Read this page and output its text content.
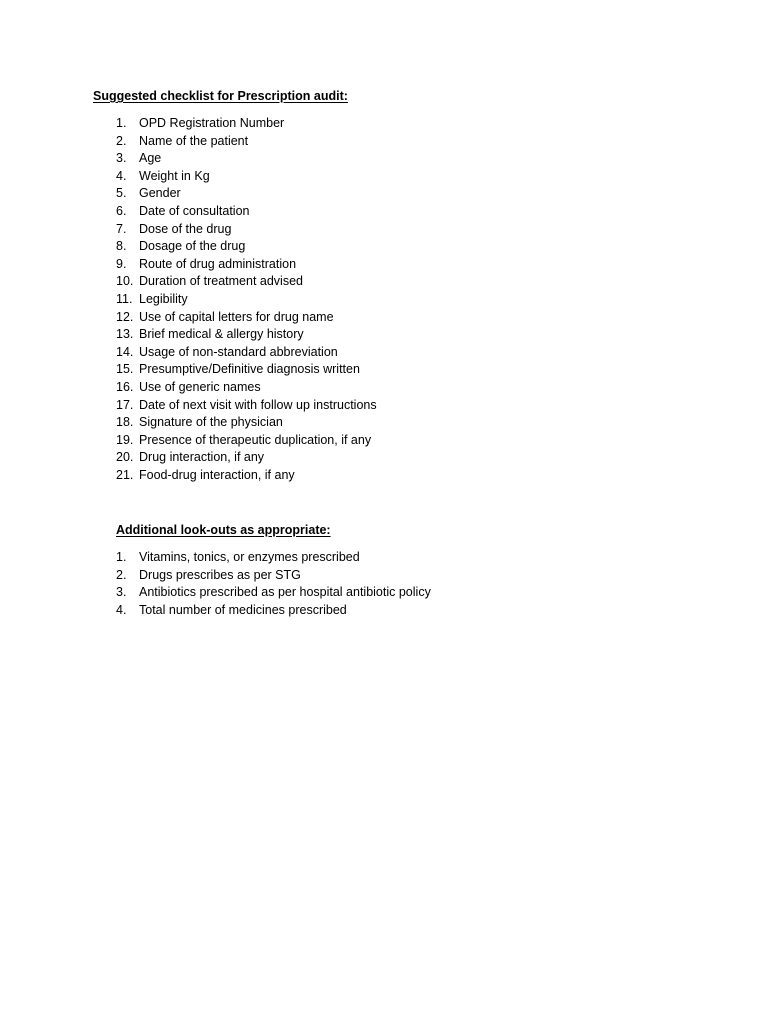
Suggested checklist for Prescription audit:
1.	OPD Registration Number
2.	Name of the patient
3.	Age
4.	Weight in Kg
5.	Gender
6.	Date of consultation
7.	Dose of the drug
8.	Dosage of the drug
9.	Route of drug administration
10. Duration of treatment advised
11. Legibility
12. Use of capital letters for drug name
13. Brief medical & allergy history
14. Usage of non-standard abbreviation
15. Presumptive/Definitive diagnosis written
16. Use of generic names
17. Date of next visit with follow up instructions
18. Signature of the physician
19. Presence of therapeutic duplication, if any
20. Drug interaction, if any
21. Food-drug interaction, if any
Additional look-outs as appropriate:
1.	Vitamins, tonics, or enzymes prescribed
2.	Drugs prescribes as per STG
3.	Antibiotics prescribed as per hospital antibiotic policy
4.	Total number of medicines prescribed
